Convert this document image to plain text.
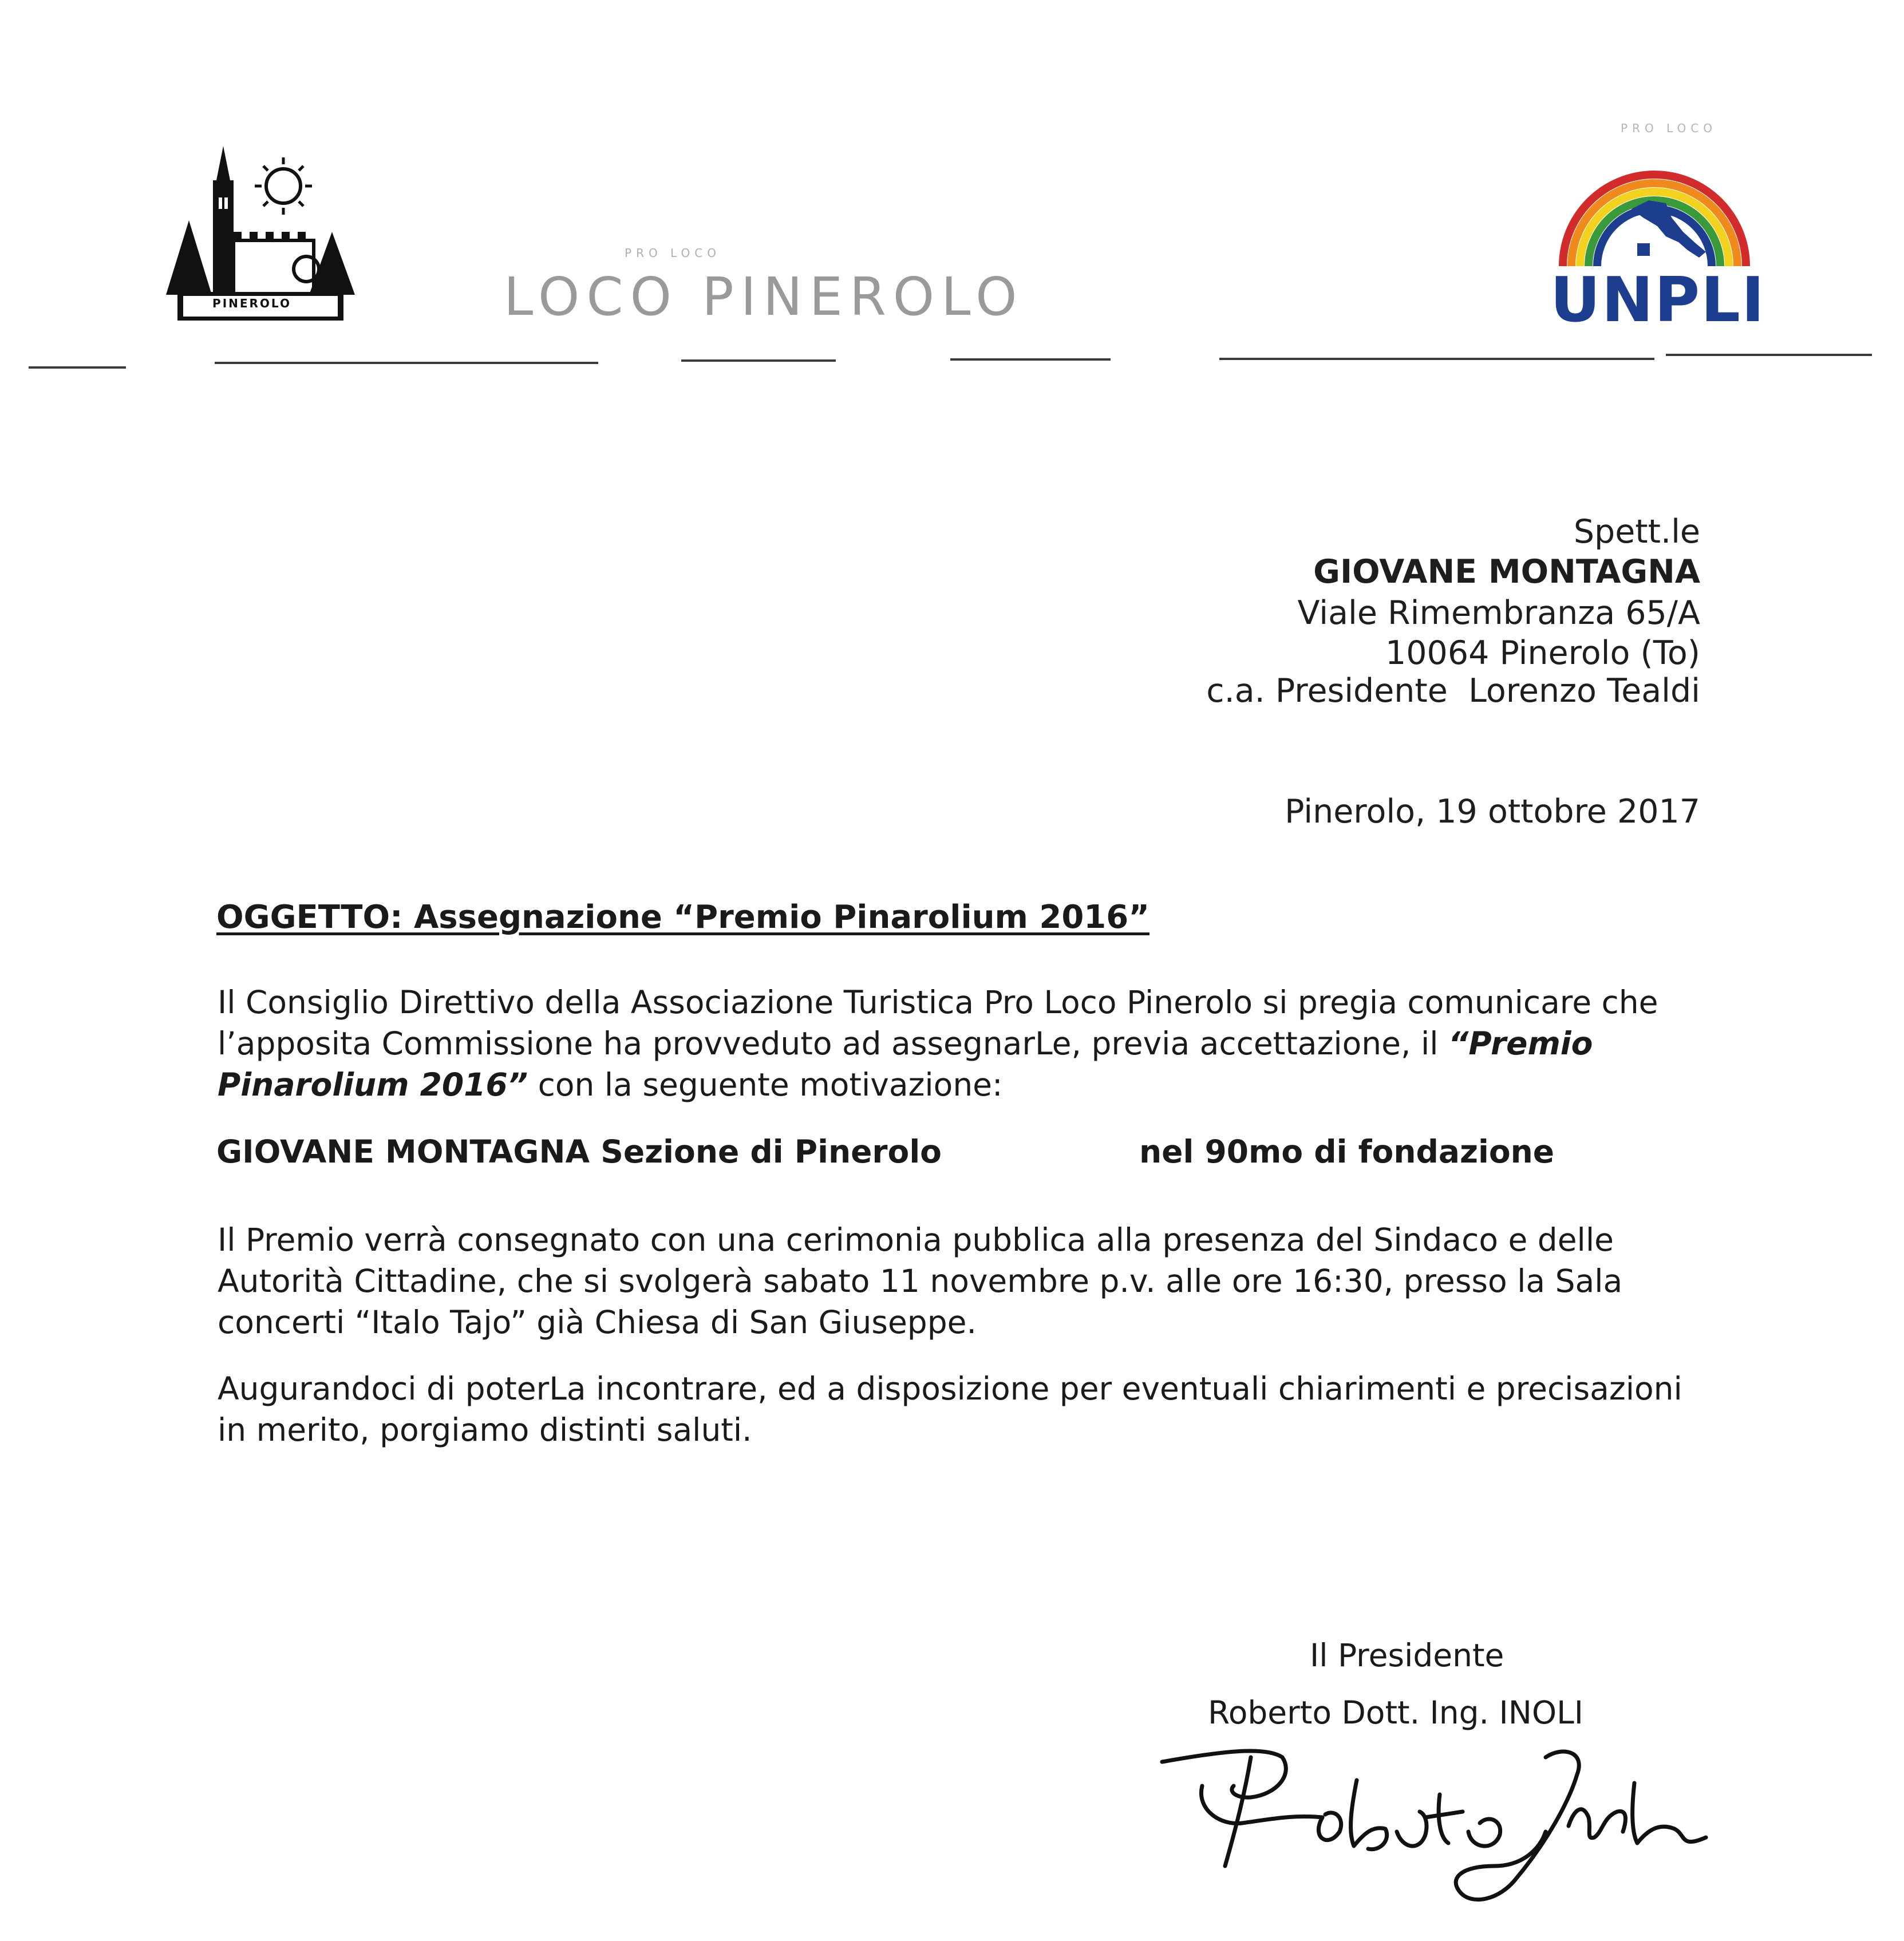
PINEROLO
PRO LOCO
LOCO PINEROLO
PRO LOCO
UNPLI
Spett.le
GIOVANE MONTAGNA
Viale Rimembranza 65/A
10064 Pinerolo (To)
c.a. Presidente  Lorenzo Tealdi
Pinerolo, 19 ottobre 2017
OGGETTO: Assegnazione “Premio Pinarolium 2016”
Il Consiglio Direttivo della Associazione Turistica Pro Loco Pinerolo si pregia comunicare che
l’apposita Commissione ha provveduto ad assegnarLe, previa accettazione, il “Premio
Pinarolium 2016” con la seguente motivazione:
GIOVANE MONTAGNA Sezione di Pinerolo	nel 90mo di fondazione
Il Premio verrà consegnato con una cerimonia pubblica alla presenza del Sindaco e delle
Autorità Cittadine, che si svolgerà sabato 11 novembre p.v. alle ore 16:30, presso la Sala
concerti “Italo Tajo” già Chiesa di San Giuseppe.
Augurandoci di poterLa incontrare, ed a disposizione per eventuali chiarimenti e precisazioni
in merito, porgiamo distinti saluti.
Il Presidente
Roberto Dott. Ing. INOLI
